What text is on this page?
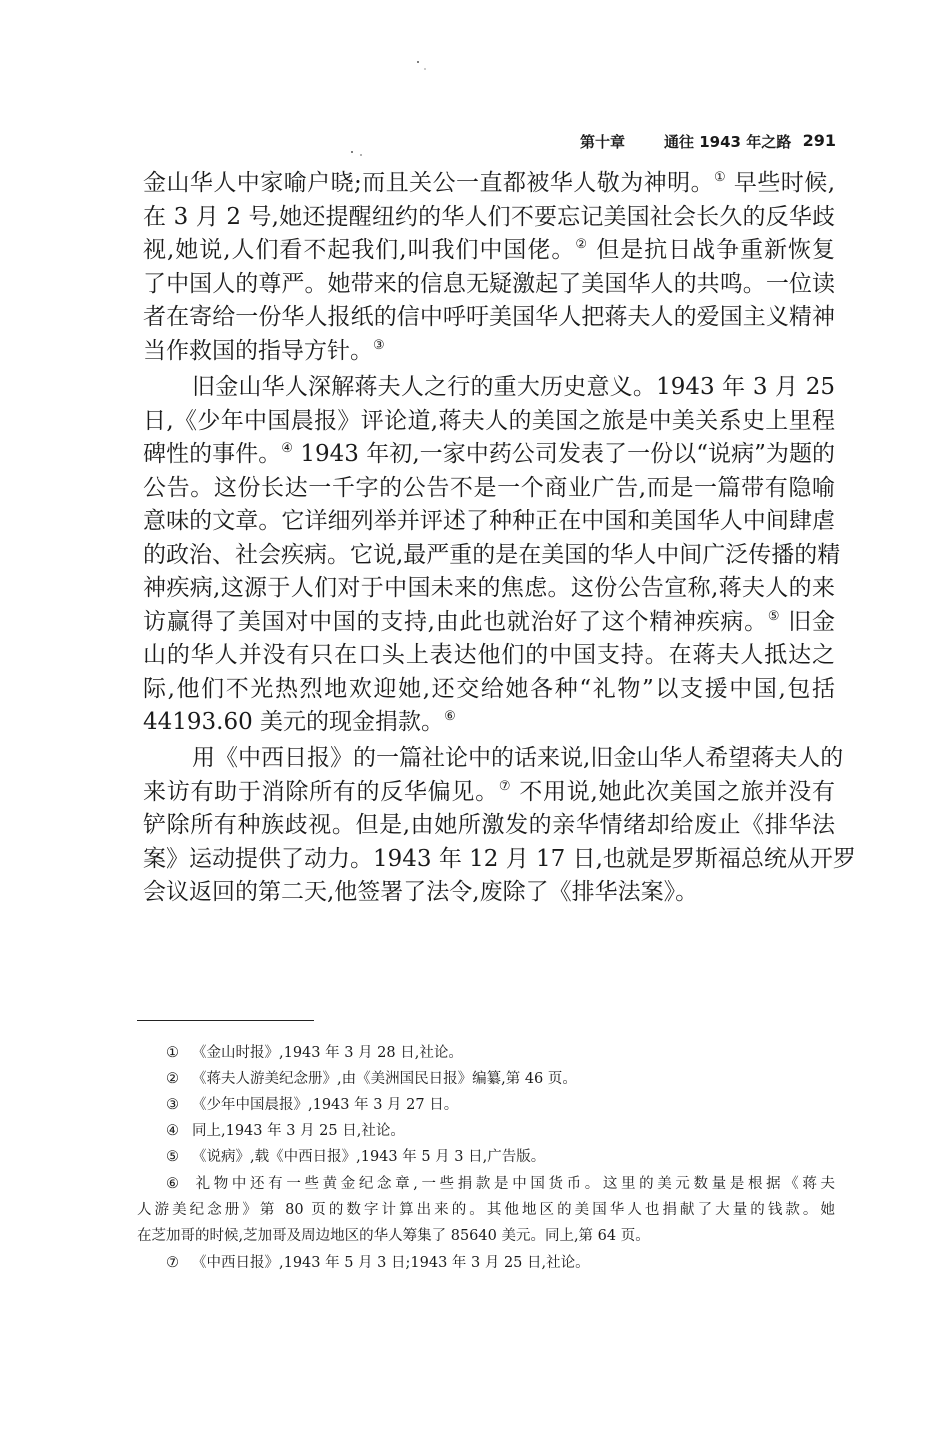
第十章	通往 1943 年之路 291
金山华人中家喻户晓;而且关公一直都被华人敬为神明。① 早些时候,
在 3 月 2 号,她还提醒纽约的华人们不要忘记美国社会长久的反华歧
视,她说,人们看不起我们,叫我们中国佬。② 但是抗日战争重新恢复
了中国人的尊严。她带来的信息无疑激起了美国华人的共鸣。一位读
者在寄给一份华人报纸的信中呼吁美国华人把蒋夫人的爱国主义精神
当作救国的指导方针。③
旧金山华人深解蒋夫人之行的重大历史意义。1943 年 3 月 25
日,《少年中国晨报》评论道,蒋夫人的美国之旅是中美关系史上里程
碑性的事件。④ 1943 年初,一家中药公司发表了一份以“说病”为题的
公告。这份长达一千字的公告不是一个商业广告,而是一篇带有隐喻
意味的文章。它详细列举并评述了种种正在中国和美国华人中间肆虐
的政治、社会疾病。它说,最严重的是在美国的华人中间广泛传播的精
神疾病,这源于人们对于中国未来的焦虑。这份公告宣称,蒋夫人的来
访赢得了美国对中国的支持,由此也就治好了这个精神疾病。⑤ 旧金
山的华人并没有只在口头上表达他们的中国支持。在蒋夫人抵达之
际,他们不光热烈地欢迎她,还交给她各种“礼物”以支援中国,包括
44193.60 美元的现金捐款。⑥
用《中西日报》的一篇社论中的话来说,旧金山华人希望蒋夫人的
来访有助于消除所有的反华偏见。⑦ 不用说,她此次美国之旅并没有
铲除所有种族歧视。但是,由她所激发的亲华情绪却给废止《排华法
案》运动提供了动力。1943 年 12 月 17 日,也就是罗斯福总统从开罗
会议返回的第二天,他签署了法令,废除了《排华法案》。
① 《金山时报》,1943 年 3 月 28 日,社论。
② 《蒋夫人游美纪念册》,由《美洲国民日报》编纂,第 46 页。
③ 《少年中国晨报》,1943 年 3 月 27 日。
④ 同上,1943 年 3 月 25 日,社论。
⑤ 《说病》,载《中西日报》,1943 年 5 月 3 日,广告版。
⑥ 礼物中还有一些黄金纪念章,一些捐款是中国货币。这里的美元数量是根据《蒋夫
人游美纪念册》第 80 页的数字计算出来的。其他地区的美国华人也捐献了大量的钱款。她
在芝加哥的时候,芝加哥及周边地区的华人筹集了 85640 美元。同上,第 64 页。
⑦ 《中西日报》,1943 年 5 月 3 日;1943 年 3 月 25 日,社论。
